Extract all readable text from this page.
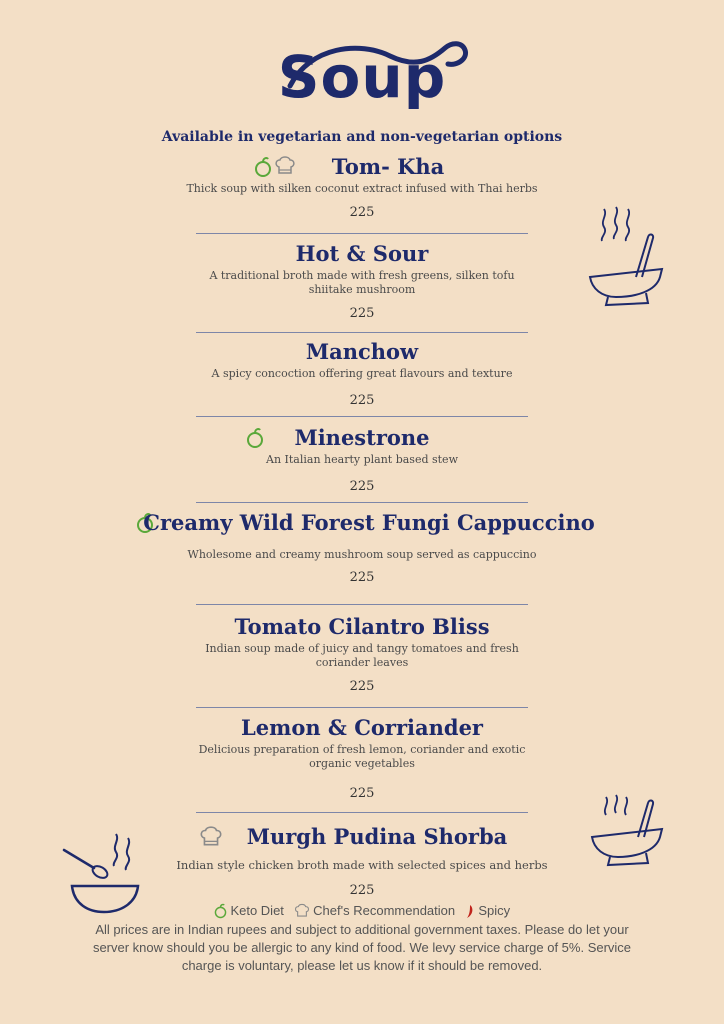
Soup
Available in vegetarian and non-vegetarian options
Tom- Kha
Thick soup with silken coconut extract infused with Thai herbs
225
Hot & Sour
A traditional broth made with fresh greens, silken tofu shiitake mushroom
225
Manchow
A spicy concoction offering great flavours and texture
225
Minestrone
An Italian hearty plant based stew
225
Creamy Wild Forest Fungi Cappuccino
Wholesome and creamy mushroom soup served as cappuccino
225
Tomato Cilantro Bliss
Indian soup made of juicy and tangy tomatoes and fresh coriander leaves
225
Lemon & Corriander
Delicious preparation of fresh lemon, coriander and exotic organic vegetables
225
Murgh Pudina Shorba
Indian style chicken broth made with selected spices and herbs
225
Keto Diet Chef's Recommendation Spicy
All prices are in Indian rupees and subject to additional government taxes. Please do let your server know should you be allergic to any kind of food. We levy service charge of 5%. Service charge is voluntary, please let us know if it should be removed.
